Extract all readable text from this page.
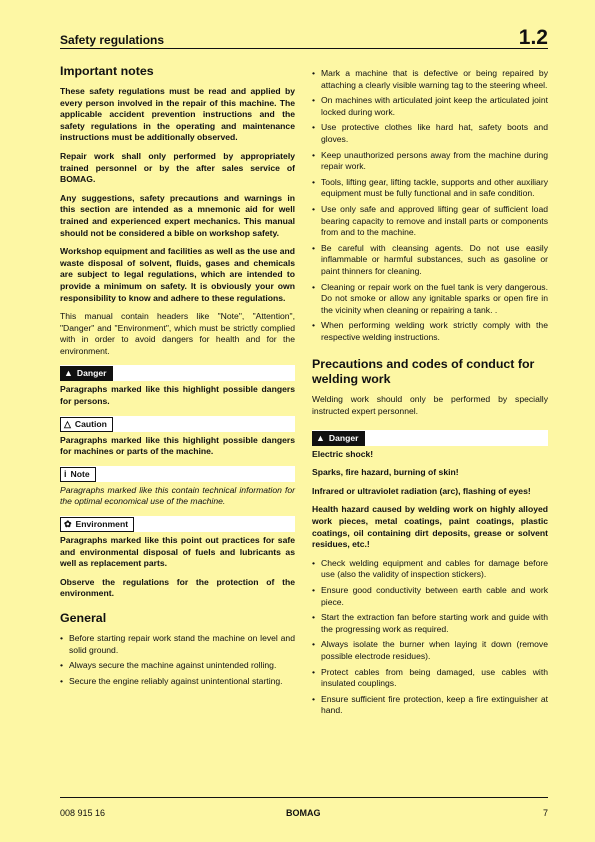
Safety regulations	1.2
Important notes

These safety regulations must be read and applied by every person involved in the repair of this machine. The applicable accident prevention instructions and the safety regulations in the operating and maintenance instructions must be additionally observed.

Repair work shall only performed by appropriately trained personnel or by the after sales service of BOMAG.

Any suggestions, safety precautions and warnings in this section are intended as a mnemonic aid for well trained and experienced expert mechanics. This manual should not be considered a bible on workshop safety.

Workshop equipment and facilities as well as the use and waste disposal of solvent, fluids, gases and chemicals are subject to legal regulations, which are intended to provide a minimum on safety. It is obviously your own responsibility to know and adhere to these regulations.

This manual contain headers like "Note", "Attention", "Danger" and "Environment", which must be strictly complied with in order to avoid dangers for health and for the environment.

▲ Danger

Paragraphs marked like this highlight possible dangers for persons.

△ Caution

Paragraphs marked like this highlight possible dangers for machines or parts of the machine.

i Note

Paragraphs marked like this contain technical information for the optimal economical use of the machine.

✿ Environment

Paragraphs marked like this point out practices for safe and environmental disposal of fuels and lubricants as well as replacement parts.

Observe the regulations for the protection of the environment.

General
• Before starting repair work stand the machine on level and solid ground.
• Always secure the machine against unintended rolling.
• Secure the engine reliably against unintentional starting.
• Mark a machine that is defective or being repaired by attaching a clearly visible warning tag to the steering wheel.
• On machines with articulated joint keep the articulated joint locked during work.
• Use protective clothes like hard hat, safety boots and gloves.
• Keep unauthorized persons away from the machine during repair work.
• Tools, lifting gear, lifting tackle, supports and other auxiliary equipment must be fully functional and in safe condition.
• Use only safe and approved lifting gear of sufficient load bearing capacity to remove and install parts or components from and to the machine.
• Be careful with cleansing agents. Do not use easily inflammable or harmful substances, such as gasoline or paint thinners for cleaning.
• Cleaning or repair work on the fuel tank is very dangerous. Do not smoke or allow any ignitable sparks or open fire in the vicinity when cleaning or repairing a tank. .
• When performing welding work strictly comply with the respective welding instructions.
Precautions and codes of conduct for welding work

Welding work should only be performed by specially instructed expert personnel.

▲ Danger

Electric shock!

Sparks, fire hazard, burning of skin!

Infrared or ultraviolet radiation (arc), flashing of eyes!

Health hazard caused by welding work on highly alloyed work pieces, metal coatings, paint coatings, plastic coatings, oil containing dirt deposits, grease or solvent residues, etc.!

• Check welding equipment and cables for damage before use (also the validity of inspection stickers).
• Ensure good conductivity between earth cable and work piece.
• Start the extraction fan before starting work and guide with the progressing work as required.
• Always isolate the burner when laying it down (remove possible electrode residues).
• Protect cables from being damaged, use cables with insulated couplings.
• Ensure sufficient fire protection, keep a fire extinguisher at hand.
008 915 16	BOMAG	7
